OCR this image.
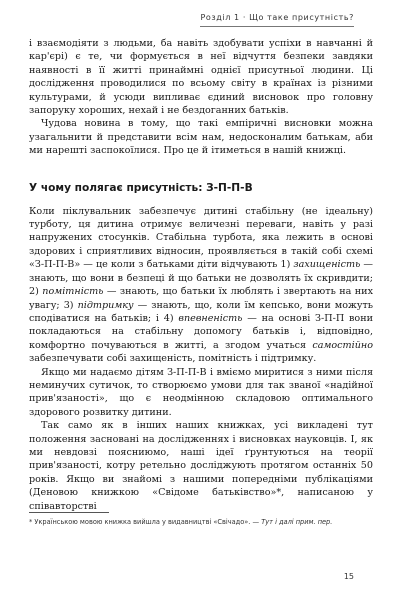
Розділ 1 · Що таке присутність?

і взаємодіяти з людьми, ба навіть здобувати успіхи в навчанні й кар'єрі) є те, чи формується в неї відчуття безпеки завдяки наявності в її житті принаймні однієї присутньої людини. Ці дослідження проводилися по всьому світу в країнах із різними культурами, й усюди випливає єдиний висновок про головну запоруку хороших, нехай і не бездоганних батьків.

Чудова новина в тому, що такі емпіричні висновки можна узагальнити й представити всім нам, недосконалим батькам, аби ми нарешті заспокоїлися. Про це й ітиметься в нашій книжці.

У чому полягає присутність: З-П-П-В

Коли піклувальник забезпечує дитині стабільну (не ідеальну) турботу, ця дитина отримує величезні переваги, навіть у разі напружених стосунків. Стабільна турбота, яка лежить в основі здорових і сприятливих відносин, проявляється в такій собі схемі «З-П-П-В» — це коли з батьками діти відчувають 1) захищеність — знають, що вони в безпеці й що батьки не дозволять їх скривдити; 2) помітність — знають, що батьки їх люблять і звертають на них увагу; 3) підтримку — знають, що, коли їм кепсько, вони можуть сподіватися на батьків; і 4) впевненість — на основі З-П-П вони покладаються на стабільну допомогу батьків і, відповідно, комфортно почуваються в житті, а згодом учаться самостійно забезпечувати собі захищеність, помітність і підтримку.

Якщо ми надаємо дітям З-П-П-В і вміємо миритися з ними після неминучих сутичок, то створюємо умови для так званої «надійної прив'язаності», що є неодмінною складовою оптимального здорового розвитку дитини.

Так само як в інших наших книжках, усі викладені тут положення засновані на дослідженнях і висновках науковців. І, як ми невдовзі поясниюмо, наші ідеї ґрунтуються на теорії прив'язаності, котру ретельно досліджують протягом останніх 50 років. Якщо ви знайомі з нашими попередніми публікаціями (Деновою книжкою «Свідоме батьківство»*, написаною у співавторстві

* Українською мовою книжка вийшла у видавництві «Свічадо». — Тут і далі прим. пер.
15
